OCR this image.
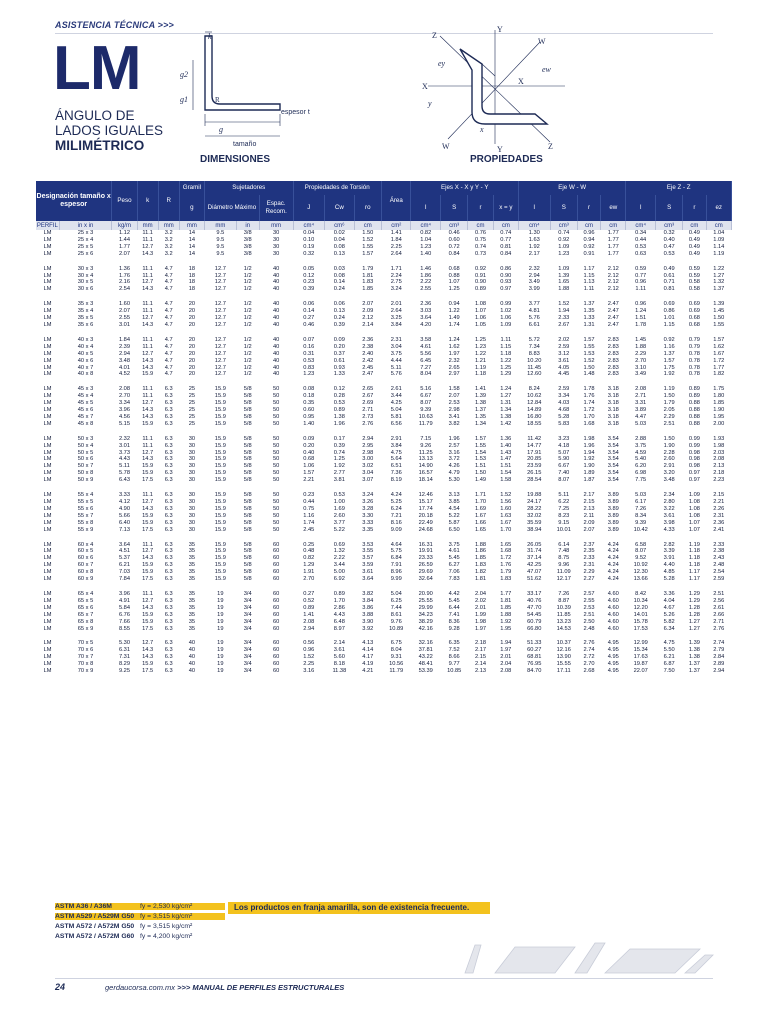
ASISTENCIA TÉCNICA >>>
LM
ÁNGULO DE
LADOS IGUALES
MILIMÉTRICO
k
g2
g1	R
g
espesor t
tamaño
DIMENSIONES
Z
Y
W
X
X
ey
ew
y
x
W	Y	Z
PROPIEDADES
Designación tamaño x espesor		Peso	k	R	Gramil	Sujetadores			Propiedades de Torsión			Área	Ejes X - X y Y - Y				Eje W - W				Eje Z - Z			
					g	Diámetro Máximo		Espac. Recom.	J	Cw	ro		I	S	r	x = y	I	S	r	ew	I	S	r	ez
PERFIL	in x in	kg/m	mm	mm	mm	mm	in	mm	cm⁴	cm⁶	cm	cm²	cm⁴	cm³	cm	cm	cm⁴	cm³	cm	cm	cm⁴	cm³	cm	cm
LM	25 x 3	1.12	11.1	3.2	14	9.5	3/8	30	0.04	0.02	1.50	1.41	0.82	0.46	0.76	0.74	1.30	0.74	0.96	1.77	0.34	0.32	0.49	1.04
LM	25 x 4	1.44	11.1	3.2	14	9.5	3/8	30	0.10	0.04	1.52	1.84	1.04	0.60	0.75	0.77	1.63	0.92	0.94	1.77	0.44	0.40	0.49	1.09
LM	25 x 5	1.77	12.7	3.2	14	9.5	3/8	30	0.19	0.08	1.55	2.25	1.23	0.72	0.74	0.81	1.92	1.09	0.92	1.77	0.53	0.47	0.49	1.14
LM	25 x 6	2.07	14.3	3.2	14	9.5	3/8	30	0.32	0.13	1.57	2.64	1.40	0.84	0.73	0.84	2.17	1.23	0.91	1.77	0.63	0.53	0.49	1.19

LM	30 x 3	1.36	11.1	4.7	18	12.7	1/2	40	0.05	0.03	1.79	1.71	1.46	0.68	0.92	0.86	2.32	1.09	1.17	2.12	0.59	0.49	0.59	1.22
LM	30 x 4	1.76	11.1	4.7	18	12.7	1/2	40	0.12	0.08	1.81	2.24	1.86	0.88	0.91	0.90	2.94	1.39	1.15	2.12	0.77	0.61	0.59	1.27
LM	30 x 5	2.16	12.7	4.7	18	12.7	1/2	40	0.23	0.14	1.83	2.75	2.22	1.07	0.90	0.93	3.49	1.65	1.13	2.12	0.96	0.71	0.58	1.32
LM	30 x 6	2.54	14.3	4.7	18	12.7	1/2	40	0.39	0.24	1.85	3.24	2.55	1.25	0.89	0.97	3.99	1.88	1.11	2.12	1.11	0.81	0.58	1.37

LM	35 x 3	1.60	11.1	4.7	20	12.7	1/2	40	0.06	0.06	2.07	2.01	2.36	0.94	1.08	0.99	3.77	1.52	1.37	2.47	0.96	0.69	0.69	1.39
LM	35 x 4	2.07	11.1	4.7	20	12.7	1/2	40	0.14	0.13	2.09	2.64	3.03	1.22	1.07	1.02	4.81	1.94	1.35	2.47	1.24	0.86	0.69	1.45
LM	35 x 5	2.55	12.7	4.7	20	12.7	1/2	40	0.27	0.24	2.12	3.25	3.64	1.49	1.06	1.06	5.76	2.33	1.33	2.47	1.51	1.01	0.68	1.50
LM	35 x 6	3.01	14.3	4.7	20	12.7	1/2	40	0.46	0.39	2.14	3.84	4.20	1.74	1.05	1.09	6.61	2.67	1.31	2.47	1.78	1.15	0.68	1.55

LM	40 x 3	1.84	11.1	4.7	20	12.7	1/2	40	0.07	0.09	2.36	2.31	3.58	1.24	1.25	1.11	5.72	2.02	1.57	2.83	1.45	0.92	0.79	1.57
LM	40 x 4	2.39	11.1	4.7	20	12.7	1/2	40	0.16	0.20	2.38	3.04	4.61	1.62	1.23	1.15	7.34	2.59	1.55	2.83	1.88	1.16	0.79	1.62
LM	40 x 5	2.94	12.7	4.7	20	12.7	1/2	40	0.31	0.37	2.40	3.75	5.56	1.97	1.22	1.18	8.83	3.12	1.53	2.83	2.29	1.37	0.78	1.67
LM	40 x 6	3.48	14.3	4.7	20	12.7	1/2	40	0.53	0.61	2.42	4.44	6.45	2.32	1.21	1.22	10.20	3.61	1.52	2.83	2.70	1.57	0.78	1.72
LM	40 x 7	4.01	14.3	4.7	20	12.7	1/2	40	0.83	0.93	2.45	5.11	7.27	2.65	1.19	1.25	11.45	4.05	1.50	2.83	3.10	1.75	0.78	1.77
LM	40 x 8	4.52	15.9	4.7	20	12.7	1/2	40	1.23	1.33	2.47	5.76	8.04	2.97	1.18	1.29	12.60	4.45	1.48	2.83	3.49	1.92	0.78	1.82

LM	45 x 3	2.08	11.1	6.3	25	15.9	5/8	50	0.08	0.12	2.65	2.61	5.16	1.58	1.41	1.24	8.24	2.59	1.78	3.18	2.08	1.19	0.89	1.75
LM	45 x 4	2.70	11.1	6.3	25	15.9	5/8	50	0.18	0.28	2.67	3.44	6.67	2.07	1.39	1.27	10.62	3.34	1.76	3.18	2.71	1.50	0.89	1.80
LM	45 x 5	3.34	12.7	6.3	25	15.9	5/8	50	0.35	0.53	2.69	4.25	8.07	2.53	1.38	1.31	12.84	4.03	1.74	3.18	3.31	1.79	0.88	1.85
LM	45 x 6	3.96	14.3	6.3	25	15.9	5/8	50	0.60	0.89	2.71	5.04	9.39	2.98	1.37	1.34	14.89	4.68	1.72	3.18	3.89	2.05	0.88	1.90
LM	45 x 7	4.56	14.3	6.3	25	15.9	5/8	50	0.95	1.38	2.73	5.81	10.63	3.41	1.35	1.38	16.80	5.28	1.70	3.18	4.47	2.29	0.88	1.95
LM	45 x 8	5.15	15.9	6.3	25	15.9	5/8	50	1.40	1.96	2.76	6.56	11.79	3.82	1.34	1.42	18.55	5.83	1.68	3.18	5.03	2.51	0.88	2.00

LM	50 x 3	2.32	11.1	6.3	30	15.9	5/8	50	0.09	0.17	2.94	2.91	7.15	1.96	1.57	1.36	11.42	3.23	1.98	3.54	2.88	1.50	0.99	1.93
LM	50 x 4	3.01	11.1	6.3	30	15.9	5/8	50	0.20	0.39	2.95	3.84	9.26	2.57	1.55	1.40	14.77	4.18	1.96	3.54	3.75	1.90	0.99	1.98
LM	50 x 5	3.73	12.7	6.3	30	15.9	5/8	50	0.40	0.74	2.98	4.75	11.25	3.16	1.54	1.43	17.91	5.07	1.94	3.54	4.59	2.28	0.98	2.03
LM	50 x 6	4.43	14.3	6.3	30	15.9	5/8	50	0.68	1.25	3.00	5.64	13.13	3.72	1.53	1.47	20.85	5.90	1.92	3.54	5.40	2.60	0.98	2.08
LM	50 x 7	5.11	15.9	6.3	30	15.9	5/8	50	1.06	1.92	3.02	6.51	14.90	4.26	1.51	1.51	23.59	6.67	1.90	3.54	6.20	2.91	0.98	2.13
LM	50 x 8	5.78	15.9	6.3	30	15.9	5/8	50	1.57	2.77	3.04	7.36	16.57	4.79	1.50	1.54	26.15	7.40	1.89	3.54	6.98	3.20	0.97	2.18
LM	50 x 9	6.43	17.5	6.3	30	15.9	5/8	50	2.21	3.81	3.07	8.19	18.14	5.30	1.49	1.58	28.54	8.07	1.87	3.54	7.75	3.48	0.97	2.23

LM	55 x 4	3.33	11.1	6.3	30	15.9	5/8	50	0.23	0.53	3.24	4.24	12.46	3.13	1.71	1.52	19.88	5.11	2.17	3.89	5.03	2.34	1.09	2.15
LM	55 x 5	4.12	12.7	6.3	30	15.9	5/8	50	0.44	1.00	3.26	5.25	15.17	3.85	1.70	1.56	24.17	6.22	2.15	3.89	6.17	2.80	1.08	2.21
LM	55 x 6	4.90	14.3	6.3	30	15.9	5/8	50	0.75	1.69	3.28	6.24	17.74	4.54	1.69	1.60	28.22	7.25	2.13	3.89	7.26	3.22	1.08	2.26
LM	55 x 7	5.66	15.9	6.3	30	15.9	5/8	50	1.16	2.60	3.30	7.21	20.18	5.22	1.67	1.63	32.02	8.23	2.11	3.89	8.34	3.61	1.08	2.31
LM	55 x 8	6.40	15.9	6.3	30	15.9	5/8	50	1.74	3.77	3.33	8.16	22.49	5.87	1.66	1.67	35.59	9.15	2.09	3.89	9.39	3.98	1.07	2.36
LM	55 x 9	7.13	17.5	6.3	30	15.9	5/8	50	2.45	5.22	3.35	9.09	24.68	6.50	1.65	1.70	38.94	10.01	2.07	3.89	10.42	4.33	1.07	2.41

LM	60 x 4	3.64	11.1	6.3	35	15.9	5/8	60	0.25	0.69	3.53	4.64	16.31	3.75	1.88	1.65	26.05	6.14	2.37	4.24	6.58	2.82	1.19	2.33
LM	60 x 5	4.51	12.7	6.3	35	15.9	5/8	60	0.48	1.32	3.55	5.75	19.91	4.61	1.86	1.68	31.74	7.48	2.35	4.24	8.07	3.39	1.18	2.38
LM	60 x 6	5.37	14.3	6.3	35	15.9	5/8	60	0.82	2.22	3.57	6.84	23.33	5.45	1.85	1.72	37.14	8.75	2.33	4.24	9.52	3.91	1.18	2.43
LM	60 x 7	6.21	15.9	6.3	35	15.9	5/8	60	1.29	3.44	3.59	7.91	26.59	6.27	1.83	1.76	42.25	9.96	2.31	4.24	10.92	4.40	1.18	2.48
LM	60 x 8	7.03	15.9	6.3	35	15.9	5/8	60	1.91	5.00	3.61	8.96	29.69	7.06	1.82	1.79	47.07	11.09	2.29	4.24	12.30	4.85	1.17	2.54
LM	60 x 9	7.84	17.5	6.3	35	15.9	5/8	60	2.70	6.92	3.64	9.99	32.64	7.83	1.81	1.83	51.62	12.17	2.27	4.24	13.66	5.28	1.17	2.59

LM	65 x 4	3.96	11.1	6.3	35	19	3/4	60	0.27	0.89	3.82	5.04	20.90	4.42	2.04	1.77	33.17	7.26	2.57	4.60	8.42	3.36	1.29	2.51
LM	65 x 5	4.91	12.7	6.3	35	19	3/4	60	0.52	1.70	3.84	6.25	25.55	5.45	2.02	1.81	40.76	8.87	2.55	4.60	10.34	4.04	1.29	2.56
LM	65 x 6	5.84	14.3	6.3	35	19	3/4	60	0.89	2.86	3.86	7.44	29.99	6.44	2.01	1.85	47.70	10.39	2.53	4.60	12.20	4.67	1.28	2.61
LM	65 x 7	6.76	15.9	6.3	35	19	3/4	60	1.41	4.43	3.88	8.61	34.23	7.41	1.99	1.88	54.45	11.85	2.51	4.60	14.01	5.26	1.28	2.66
LM	65 x 8	7.66	15.9	6.3	35	19	3/4	60	2.08	6.48	3.90	9.76	38.29	8.36	1.98	1.92	60.79	13.23	2.50	4.60	15.78	5.82	1.27	2.71
LM	65 x 9	8.55	17.5	6.3	35	19	3/4	60	2.94	8.97	3.92	10.89	42.16	9.28	1.97	1.95	66.80	14.53	2.48	4.60	17.53	6.34	1.27	2.76

LM	70 x 5	5.30	12.7	6.3	40	19	3/4	60	0.56	2.14	4.13	6.75	32.16	6.35	2.18	1.94	51.33	10.37	2.76	4.95	12.99	4.75	1.39	2.74
LM	70 x 6	6.31	14.3	6.3	40	19	3/4	60	0.96	3.61	4.14	8.04	37.81	7.52	2.17	1.97	60.27	12.16	2.74	4.95	15.34	5.50	1.38	2.79
LM	70 x 7	7.31	14.3	6.3	40	19	3/4	60	1.52	5.60	4.17	9.31	43.22	8.66	2.15	2.01	68.81	13.90	2.72	4.95	17.63	6.21	1.38	2.84
LM	70 x 8	8.29	15.9	6.3	40	19	3/4	60	2.25	8.18	4.19	10.56	48.41	9.77	2.14	2.04	76.95	15.55	2.70	4.95	19.87	6.87	1.37	2.89
LM	70 x 9	9.25	17.5	6.3	40	19	3/4	60	3.16	11.38	4.21	11.79	53.39	10.85	2.13	2.08	84.70	17.11	2.68	4.95	22.07	7.50	1.37	2.94
ASTM A36 / A36M	fy = 2,530 kg/cm²
ASTM A529 / A529M G50 fy = 3,515 kg/cm²
ASTM A572 / A572M G50 fy = 3,515 kg/cm²
ASTM A572 / A572M G60 fy = 4,200 kg/cm²
Los productos en franja amarilla, son de existencia frecuente.
24	gerdaucorsa.com.mx >>> MANUAL DE PERFILES ESTRUCTURALES
